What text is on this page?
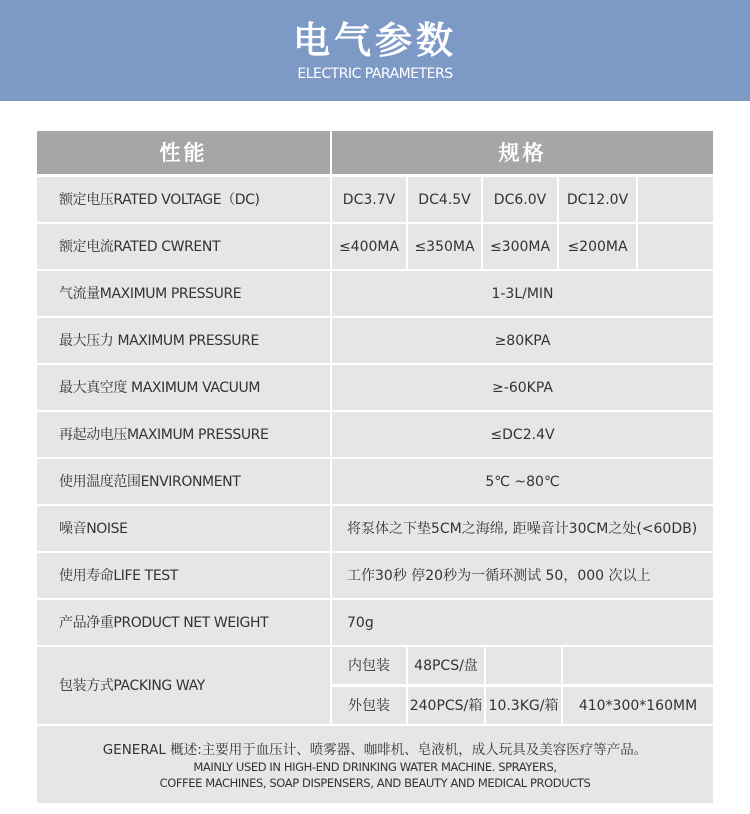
电气参数
ELECTRIC PARAMETERS
性能	规格
额定电压RATED VOLTAGE（DC)	DC3.7V	DC4.5V	DC6.0V	DC12.0V
额定电流RATED CWRENT	≤400MA	≤350MA	≤300MA	≤200MA
气流量MAXIMUM PRESSURE	1-3L/MIN
最大压力 MAXIMUM PRESSURE	≥80KPA
最大真空度 MAXIMUM VACUUM	≥-60KPA
再起动电压MAXIMUM PRESSURE	≤DC2.4V
使用温度范围ENVIRONMENT	5℃ ~80℃
噪音NOISE	将泵体之下垫5CM之海绵, 距噪音计30CM之处(<60DB)
使用寿命LIFE TEST	工作30秒 停20秒为一循环测试 50，000 次以上
产品净重PRODUCT NET WEIGHT	70g
包装方式PACKING WAY
内包装	48PCS/盘
外包装	240PCS/箱 10.3KG/箱	410*300*160MM
GENERAL 概述:主要用于血压计、喷雾器、咖啡机、皂液机，成人玩具及美容医疗等产品。
MAINLY USED IN HIGH-END DRINKING WATER MACHINE. SPRAYERS,
COFFEE MACHINES, SOAP DISPENSERS, AND BEAUTY AND MEDICAL PRODUCTS
